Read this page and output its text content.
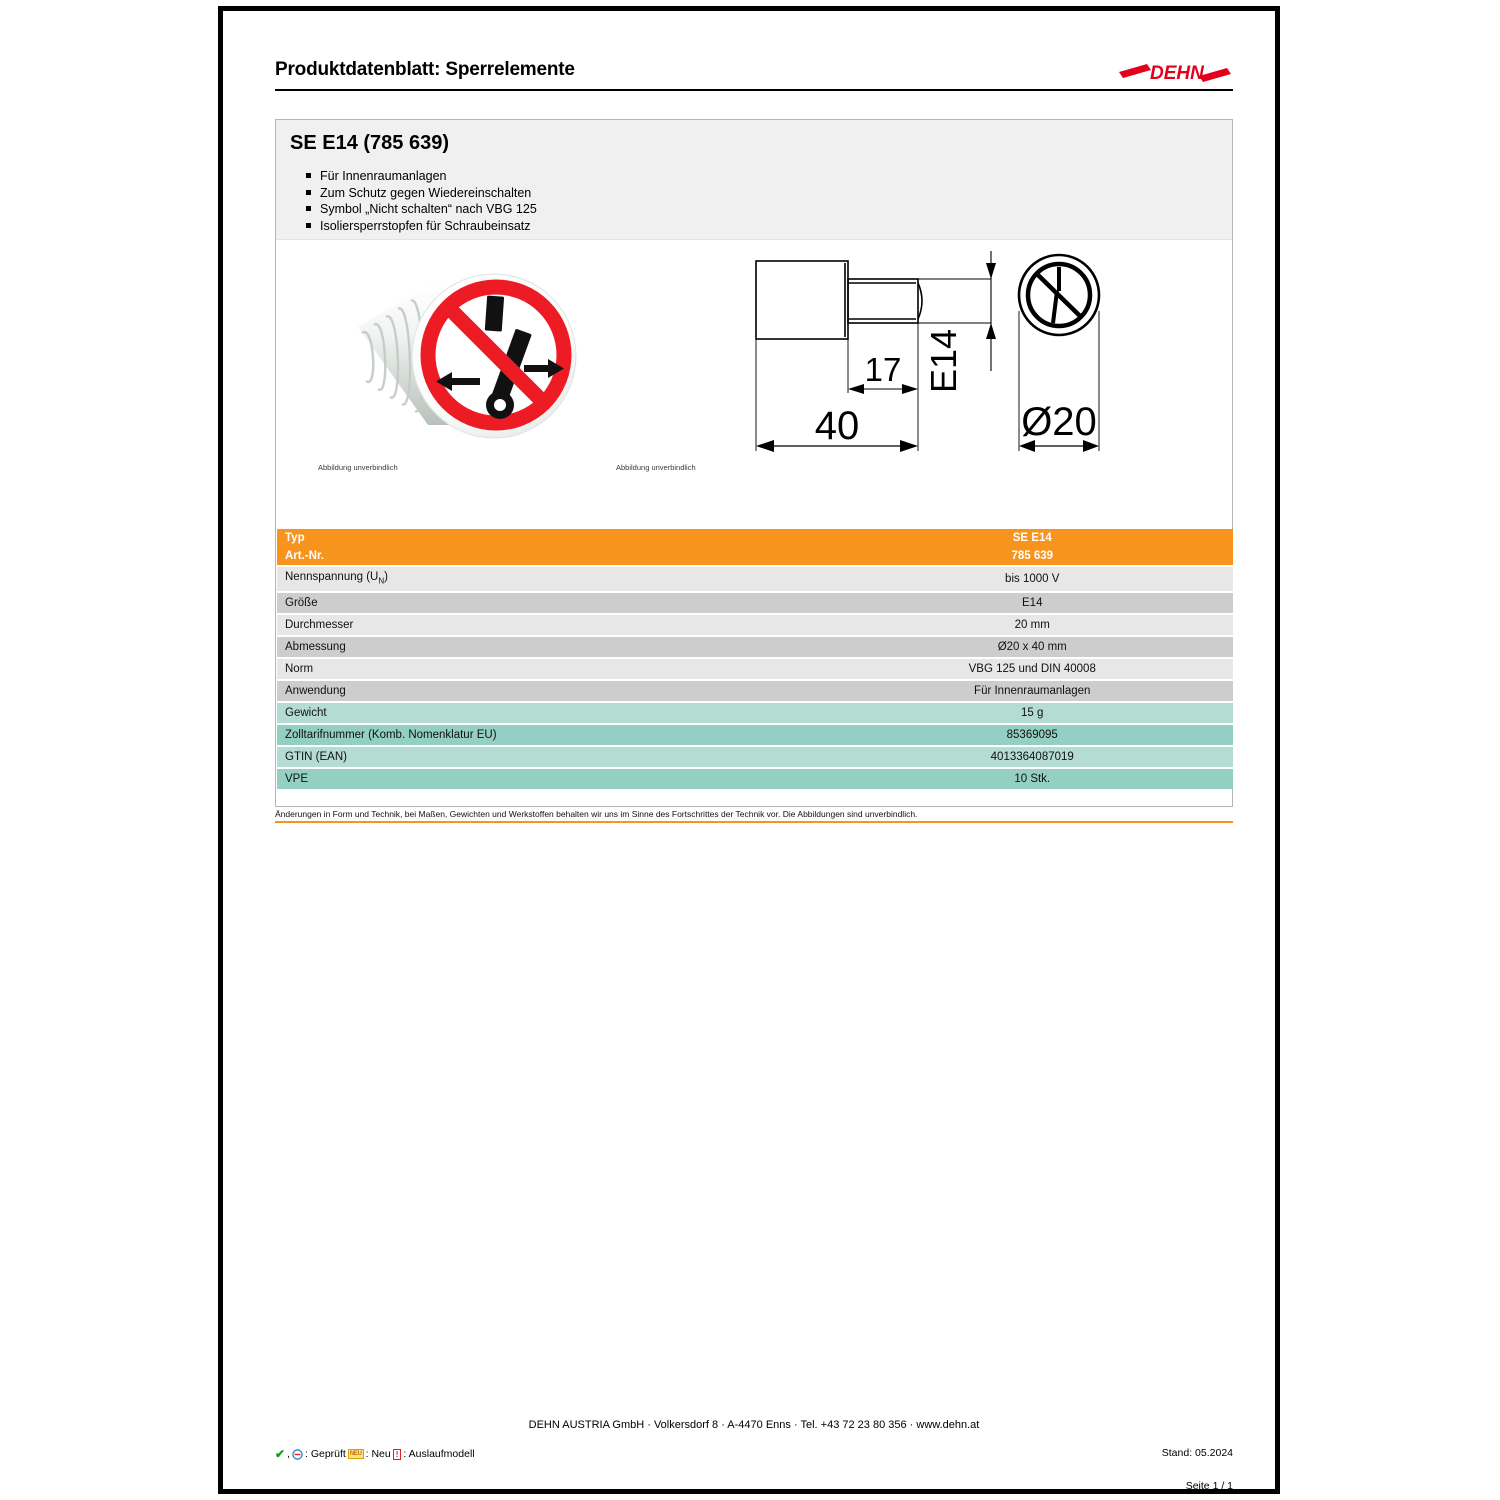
Produktdatenblatt: Sperrelemente	DEHN
SE E14 (785 639)
Für Innenraumanlagen
Zum Schutz gegen Wiedereinschalten
Symbol „Nicht schalten“ nach VBG 125
Isoliersperrstopfen für Schraubeinsatz
Abbildung unverbindlich
40
17 E14
Ø20
Abbildung unverbindlich
Typ	SE E14
Art.-Nr.	785 639

Nennspannung $(U_N)$	bis 1000 V

Größe	E14

Durchmesser	20 mm

Abmessung	Ø20 x 40 mm

Norm	VBG 125 und DIN 40008

Anwendung	Für Innenraumanlagen

Gewicht	15 g

Zolltarifnummer (Komb. Nomenklatur EU)	85369095

GTIN (EAN)	4013364087019

VPE	10 Stk.
Änderungen in Form und Technik, bei Maßen, Gewichten und Werkstoffen behalten wir uns im Sinne des Fortschrittes der Technik vor. Die Abbildungen sind unverbindlich.
DEHN AUSTRIA GmbH · Volkersdorf 8 · A-4470 Enns · Tel. +43 72 23 80 356 · www.dehn.at
✔ , : Geprüft NEU : Neu ! : Auslaufmodell	Stand: 05.2024
Seite 1 / 1
